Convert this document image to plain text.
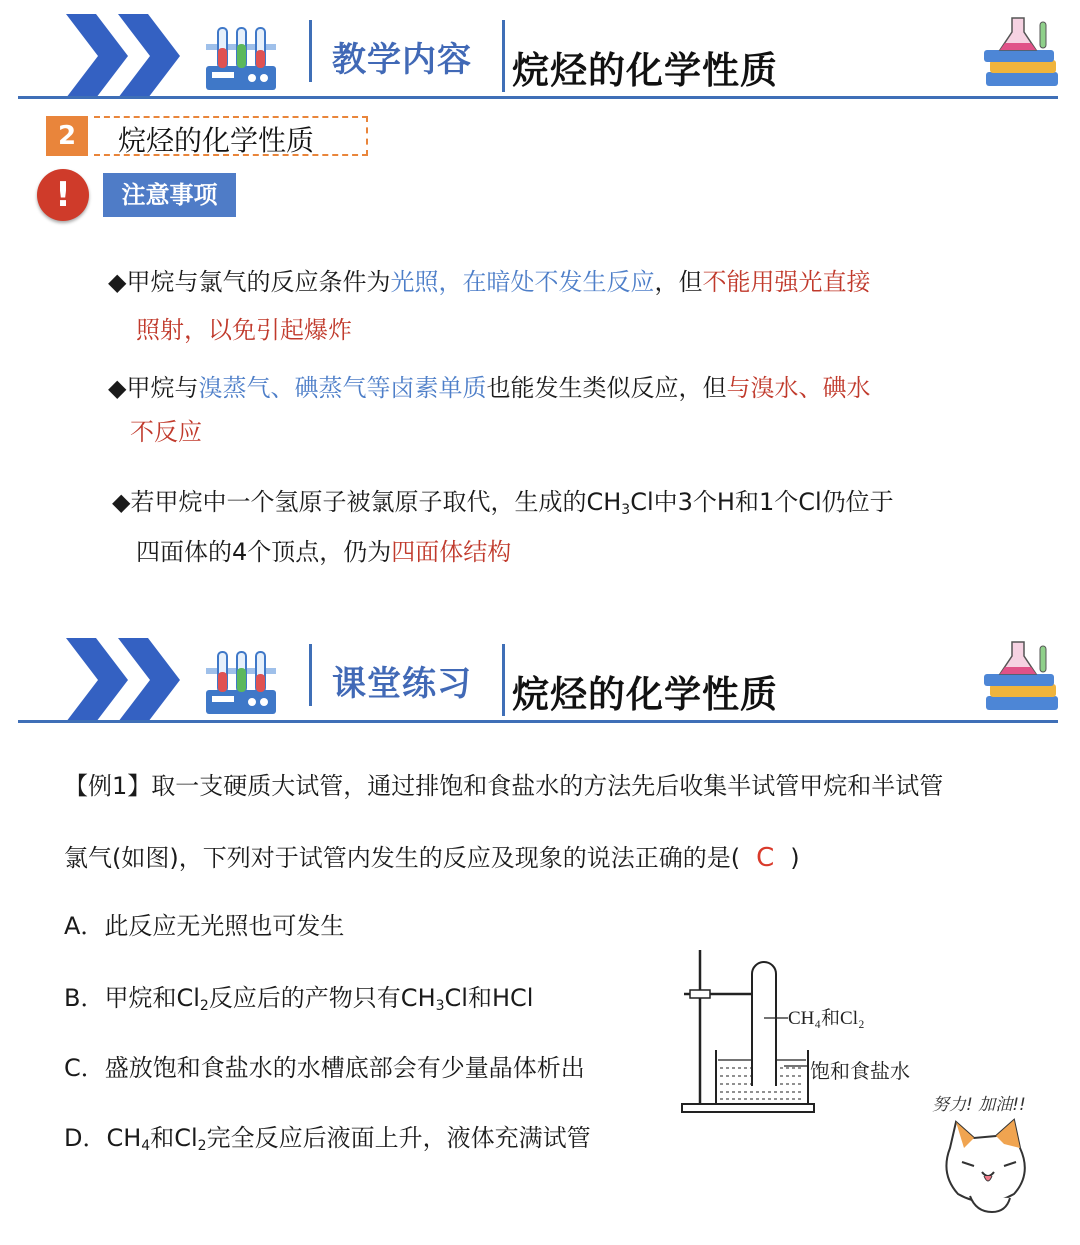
教学内容 烷烃的化学性质
2	烷烃的化学性质
!	注意事项
◆甲烷与氯气的反应条件为光照，在暗处不发生反应，但不能用强光直接
照射，以免引起爆炸
◆甲烷与溴蒸气、碘蒸气等卤素单质也能发生类似反应，但与溴水、碘水
不反应
◆若甲烷中一个氢原子被氯原子取代，生成的$CH_3Cl$中3个H和1个Cl仍位于
四面体的4个顶点，仍为四面体结构
课堂练习 烷烃的化学性质
【例1】取一支硬质大试管，通过排饱和食盐水的方法先后收集半试管甲烷和半试管
氯气(如图)，下列对于试管内发生的反应及现象的说法正确的是( C )
A．此反应无光照也可发生
B．甲烷和$Cl_2$反应后的产物只有$CH_3Cl$和HCl
C．盛放饱和食盐水的水槽底部会有少量晶体析出
D．$CH_4$和$Cl_2$完全反应后液面上升，液体充满试管
CH₄和Cl₂
饱和食盐水
努力! 加油!!
